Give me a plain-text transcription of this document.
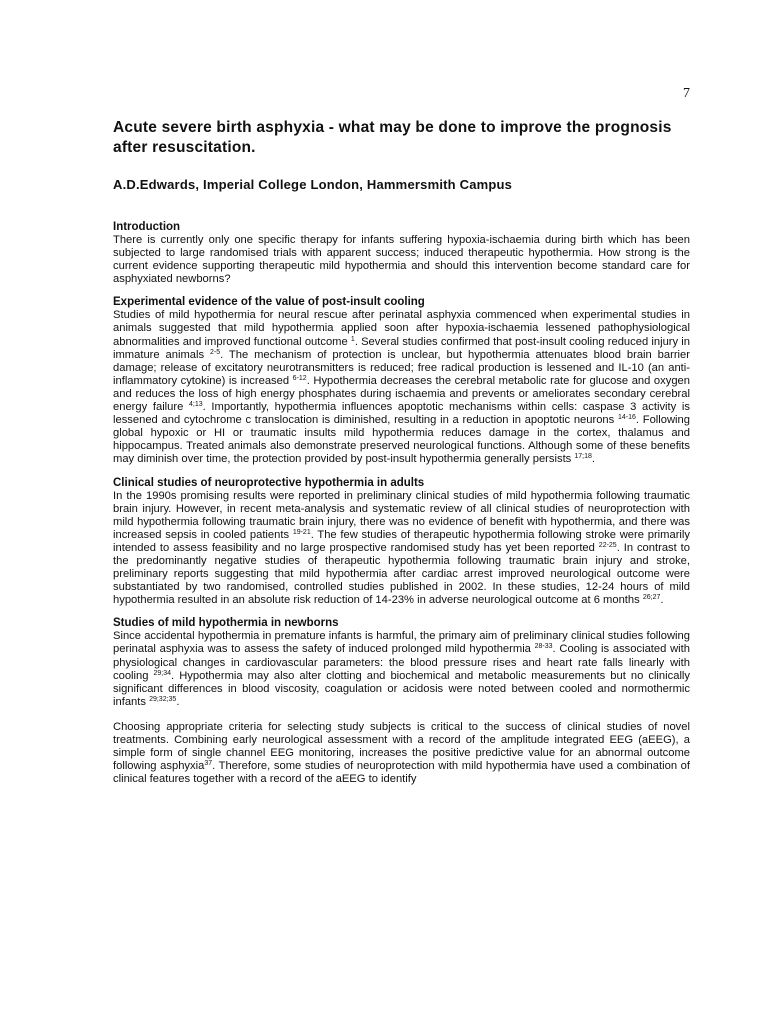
7
Acute severe birth asphyxia - what may be done to improve the prognosis after resuscitation.

A.D.Edwards, Imperial College London, Hammersmith Campus

Introduction

There is currently only one specific therapy for infants suffering hypoxia-ischaemia during birth which has been subjected to large randomised trials with apparent success; induced therapeutic hypothermia. How strong is the current evidence supporting therapeutic mild hypothermia and should this intervention become standard care for asphyxiated newborns?

Experimental evidence of the value of post-insult cooling

Studies of mild hypothermia for neural rescue after perinatal asphyxia commenced when experimental studies in animals suggested that mild hypothermia applied soon after hypoxia-ischaemia lessened pathophysiological abnormalities and improved functional outcome $^1$. Several studies confirmed that post-insult cooling reduced injury in immature animals $^{2-5}$. The mechanism of protection is unclear, but hypothermia attenuates blood brain barrier damage; release of excitatory neurotransmitters is reduced; free radical production is lessened and IL-10 (an anti-inflammatory cytokine) is increased $^{6-12}$. Hypothermia decreases the cerebral metabolic rate for glucose and oxygen and reduces the loss of high energy phosphates during ischaemia and prevents or ameliorates secondary cerebral energy failure $^{4;13}$. Importantly, hypothermia influences apoptotic mechanisms within cells: caspase 3 activity is lessened and cytochrome c translocation is diminished, resulting in a reduction in apoptotic neurons $^{14-16}$. Following global hypoxic or HI or traumatic insults mild hypothermia reduces damage in the cortex, thalamus and hippocampus. Treated animals also demonstrate preserved neurological functions. Although some of these benefits may diminish over time, the protection provided by post-insult hypothermia generally persists $^{17;18}$.

Clinical studies of neuroprotective hypothermia in adults

In the 1990s promising results were reported in preliminary clinical studies of mild hypothermia following traumatic brain injury. However, in recent meta-analysis and systematic review of all clinical studies of neuroprotection with mild hypothermia following traumatic brain injury, there was no evidence of benefit with hypothermia, and there was increased sepsis in cooled patients $^{19-21}$. The few studies of therapeutic hypothermia following stroke were primarily intended to assess feasibility and no large prospective randomised study has yet been reported $^{22-25}$. In contrast to the predominantly negative studies of therapeutic hypothermia following traumatic brain injury and stroke, preliminary reports suggesting that mild hypothermia after cardiac arrest improved neurological outcome were substantiated by two randomised, controlled studies published in 2002. In these studies, 12-24 hours of mild hypothermia resulted in an absolute risk reduction of 14-23% in adverse neurological outcome at 6 months $^{26;27}$.

Studies of mild hypothermia in newborns

Since accidental hypothermia in premature infants is harmful, the primary aim of preliminary clinical studies following perinatal asphyxia was to assess the safety of induced prolonged mild hypothermia $^{28-33}$. Cooling is associated with physiological changes in cardiovascular parameters: the blood pressure rises and heart rate falls linearly with cooling $^{29;34}$. Hypothermia may also alter clotting and biochemical and metabolic measurements but no clinically significant differences in blood viscosity, coagulation or acidosis were noted between cooled and normothermic infants $^{29;32;35}$.

Choosing appropriate criteria for selecting study subjects is critical to the success of clinical studies of novel treatments. Combining early neurological assessment with a record of the amplitude integrated EEG (aEEG), a simple form of single channel EEG monitoring, increases the positive predictive value for an abnormal outcome following asphyxia$^{37}$. Therefore, some studies of neuroprotection with mild hypothermia have used a combination of clinical features together with a record of the aEEG to identify
